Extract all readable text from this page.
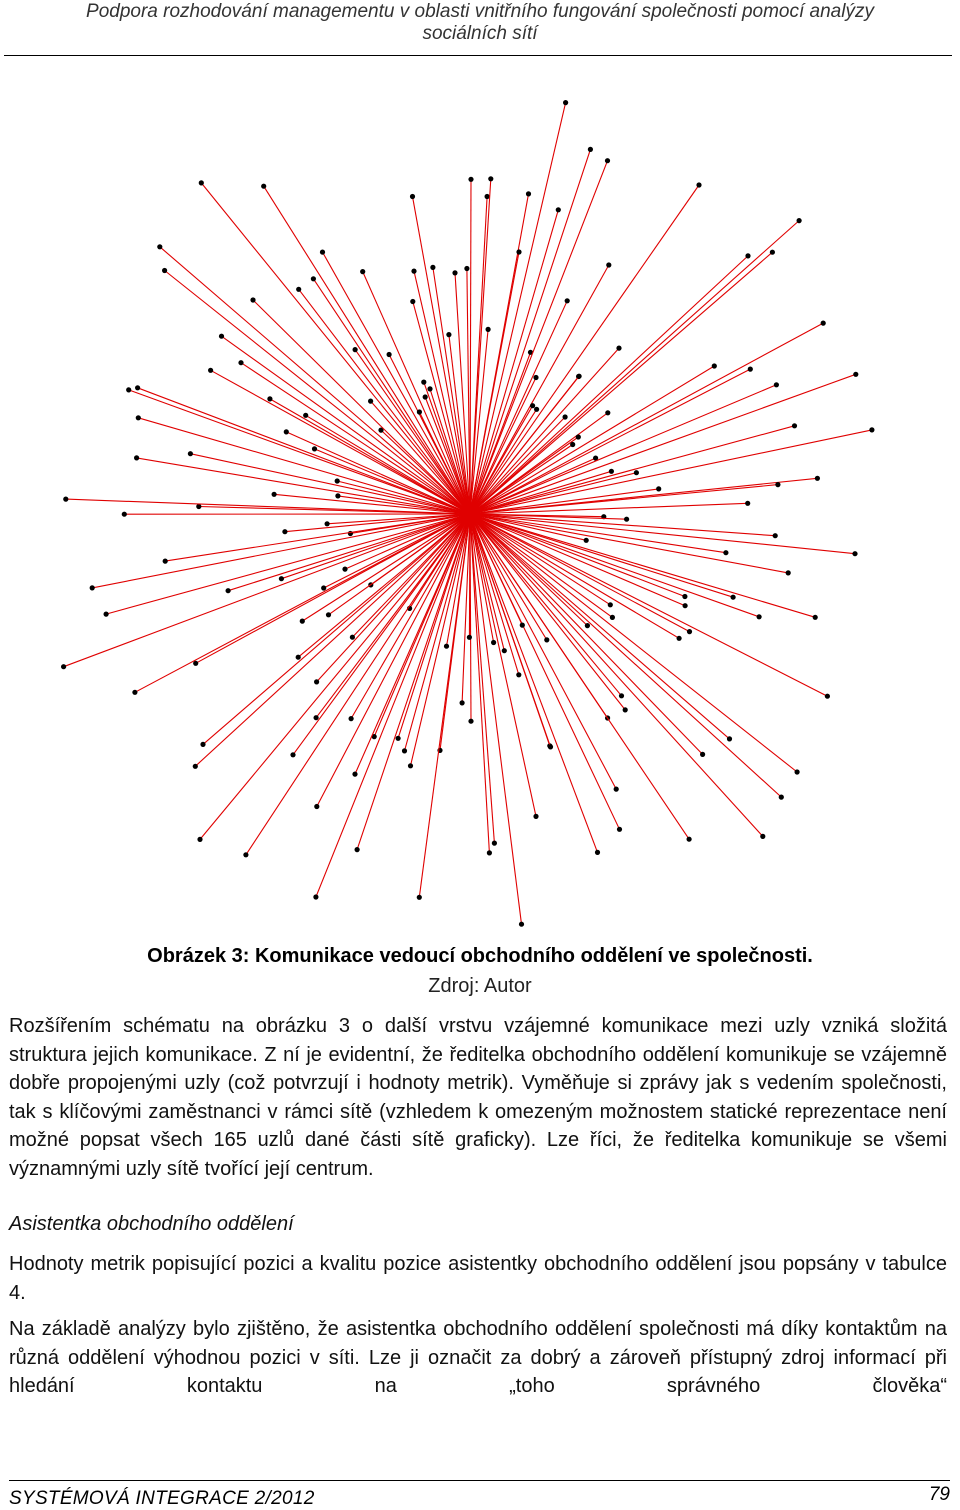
Podpora rozhodování managementu v oblasti vnitřního fungování společnosti pomocí analýzy
sociálních sítí
Obrázek 3: Komunikace vedoucí obchodního oddělení ve společnosti.
Zdroj: Autor
Rozšířením schématu na obrázku 3 o další vrstvu vzájemné komunikace mezi uzly vzniká složitá struktura jejich komunikace. Z ní je evidentní, že ředitelka obchodního oddělení komunikuje se vzájemně dobře propojenými uzly (což potvrzují i hodnoty metrik). Vyměňuje si zprávy jak s vedením společnosti, tak s klíčovými zaměstnanci v rámci sítě (vzhledem k omezeným možnostem statické reprezentace není možné popsat všech 165 uzlů dané části sítě graficky). Lze říci, že ředitelka komunikuje se všemi významnými uzly sítě tvořící její centrum.
Asistentka obchodního oddělení
Hodnoty metrik popisující pozici a kvalitu pozice asistentky obchodního oddělení jsou popsány v tabulce 4.
Na základě analýzy bylo zjištěno, že asistentka obchodního oddělení společnosti má díky kontaktům na různá oddělení výhodnou pozici v síti. Lze ji označit za dobrý a zároveň přístupný zdroj informací při hledání kontaktu na „toho správného člověka“
SYSTÉMOVÁ INTEGRACE 2/2012	79
